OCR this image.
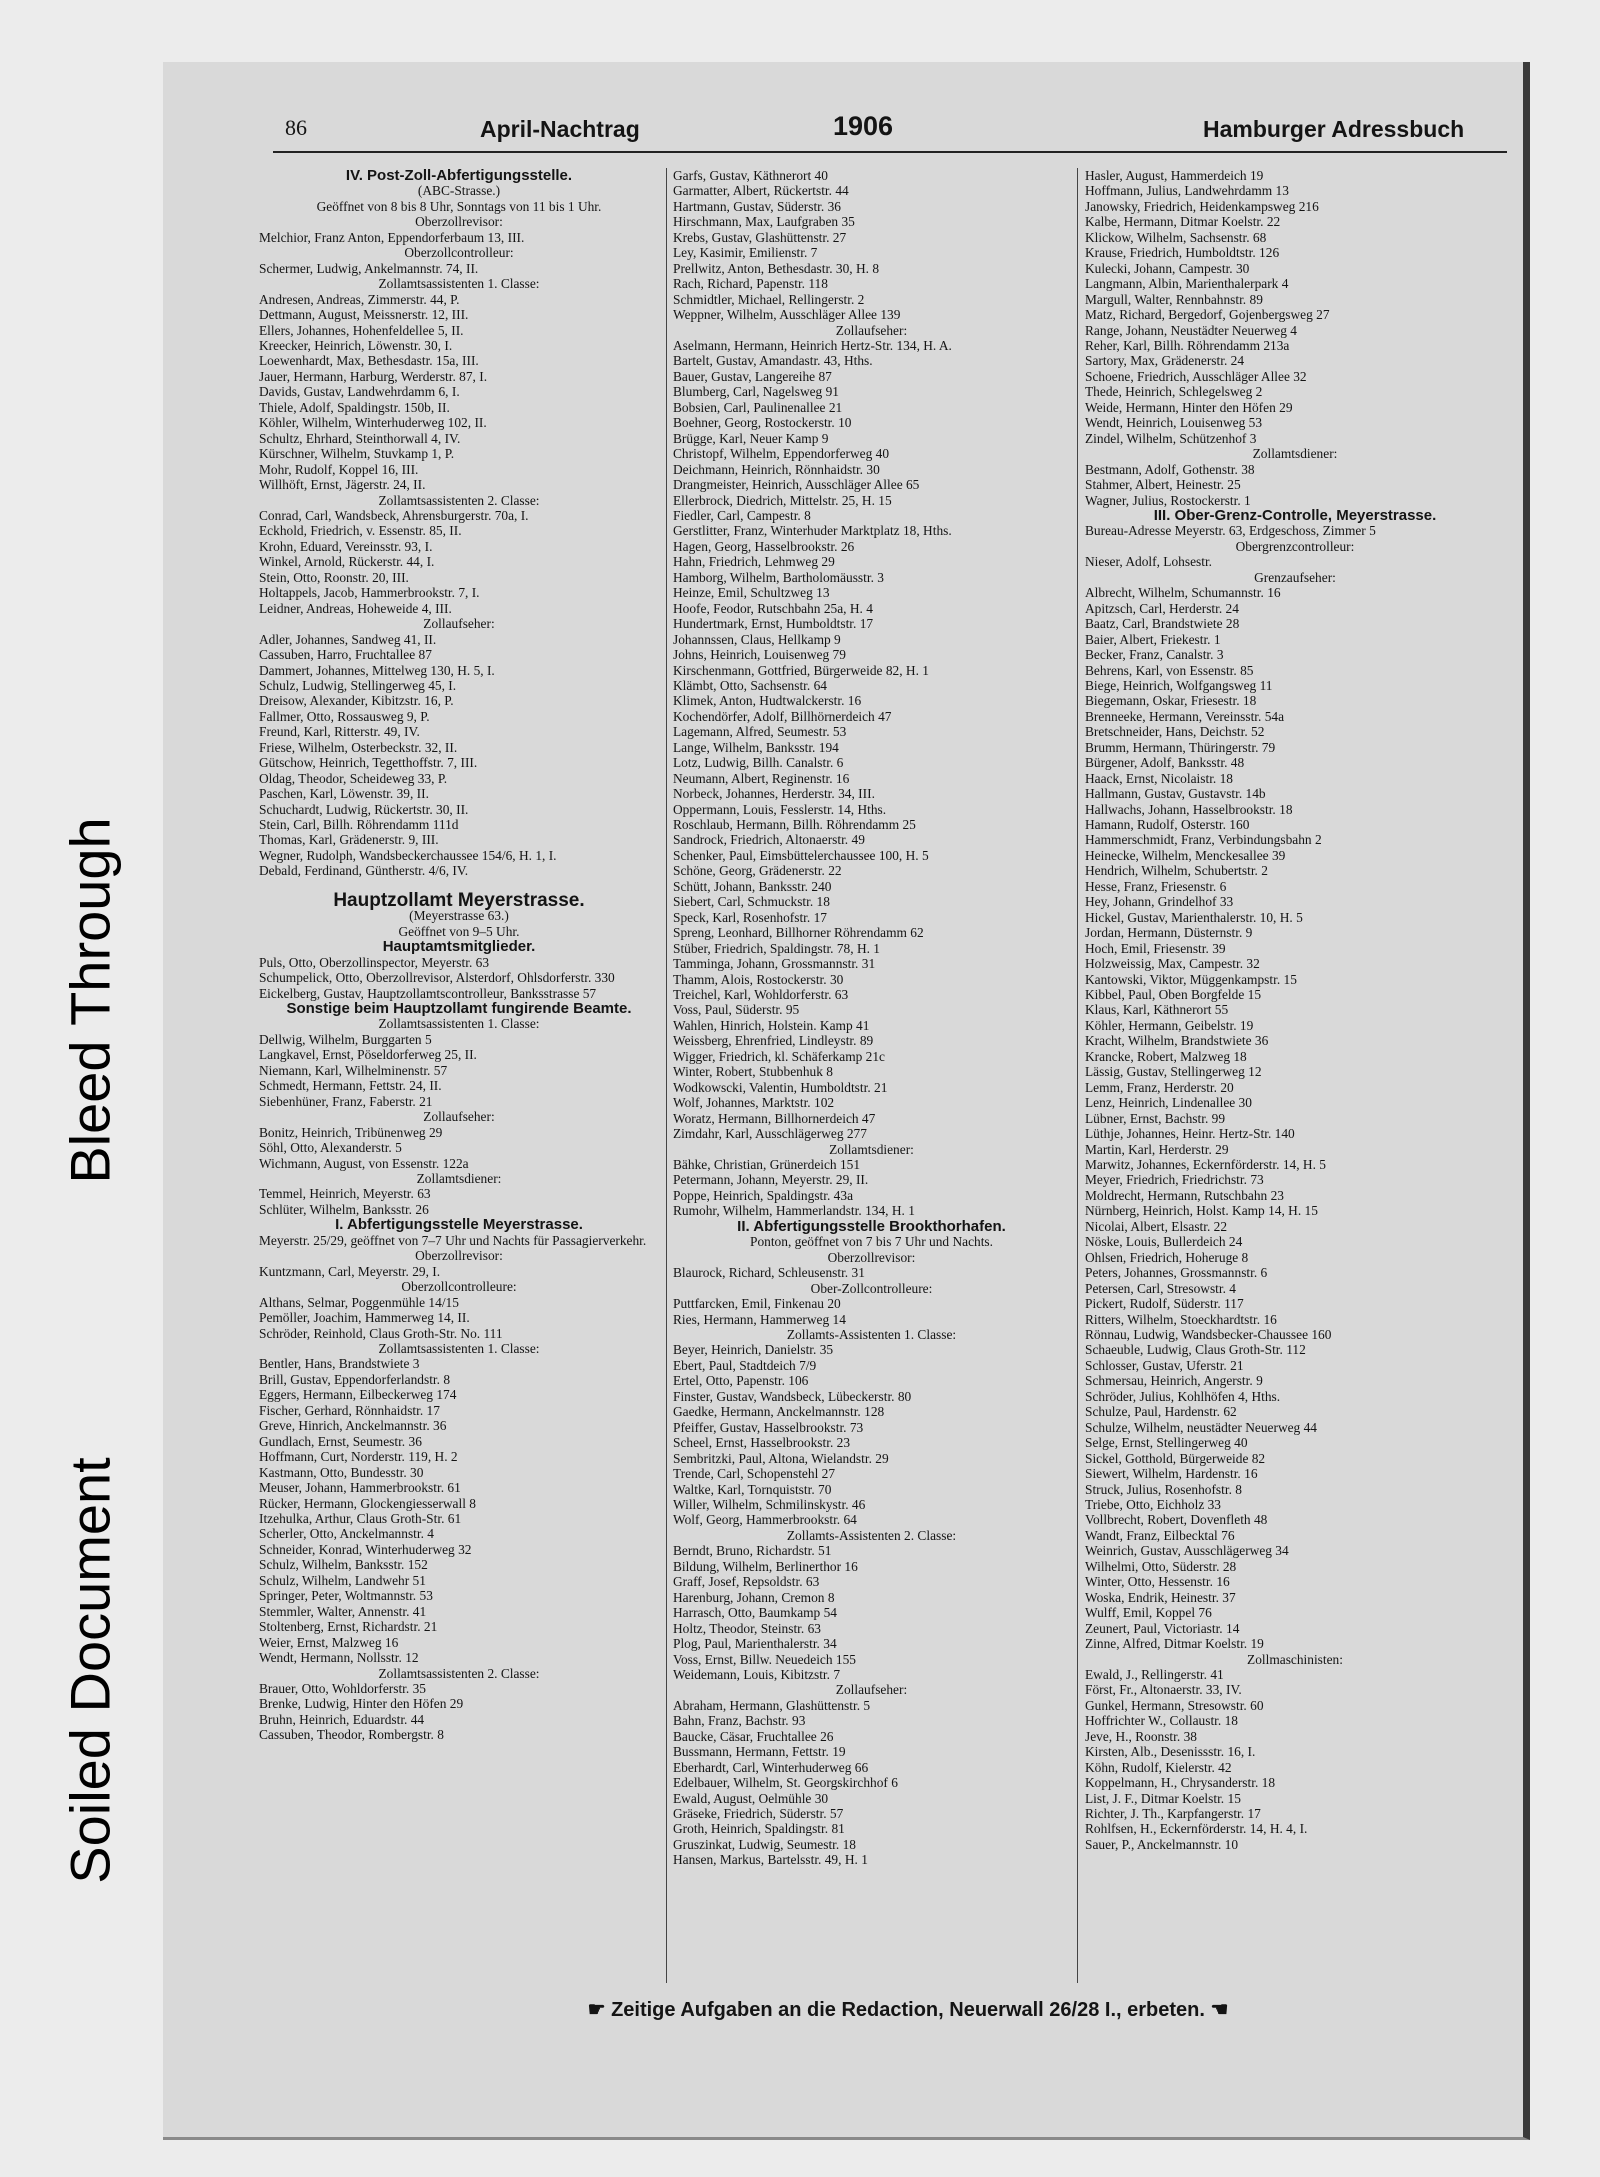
Bleed Through
Soiled Document
86	April-Nachtrag	1906	Hamburger Adressbuch
IV. Post-Zoll-Abfertigungsstelle.
(ABC-Strasse.)
Geöffnet von 8 bis 8 Uhr, Sonntags von 11 bis 1 Uhr.
Oberzollrevisor:
Melchior, Franz Anton, Eppendorferbaum 13, III.
Oberzollcontrolleur:
Schermer, Ludwig, Ankelmannstr. 74, II.
Zollamtsassistenten 1. Classe:
Andresen, Andreas, Zimmerstr. 44, P.
Dettmann, August, Meissnerstr. 12, III.
Ellers, Johannes, Hohenfeldellee 5, II.
Kreecker, Heinrich, Löwenstr. 30, I.
Loewenhardt, Max, Bethesdastr. 15a, III.
Jauer, Hermann, Harburg, Werderstr. 87, I.
Davids, Gustav, Landwehrdamm 6, I.
Thiele, Adolf, Spaldingstr. 150b, II.
Köhler, Wilhelm, Winterhuderweg 102, II.
Schultz, Ehrhard, Steinthorwall 4, IV.
Kürschner, Wilhelm, Stuvkamp 1, P.
Mohr, Rudolf, Koppel 16, III.
Willhöft, Ernst, Jägerstr. 24, II.
Zollamtsassistenten 2. Classe:
Conrad, Carl, Wandsbeck, Ahrensburgerstr. 70a, I.
Eckhold, Friedrich, v. Essenstr. 85, II.
Krohn, Eduard, Vereinsstr. 93, I.
Winkel, Arnold, Rückerstr. 44, I.
Stein, Otto, Roonstr. 20, III.
Holtappels, Jacob, Hammerbrookstr. 7, I.
Leidner, Andreas, Hoheweide 4, III.
Zollaufseher:
Adler, Johannes, Sandweg 41, II.
Cassuben, Harro, Fruchtallee 87
Dammert, Johannes, Mittelweg 130, H. 5, I.
Schulz, Ludwig, Stellingerweg 45, I.
Dreisow, Alexander, Kibitzstr. 16, P.
Fallmer, Otto, Rossausweg 9, P.
Freund, Karl, Ritterstr. 49, IV.
Friese, Wilhelm, Osterbeckstr. 32, II.
Gütschow, Heinrich, Tegetthoffstr. 7, III.
Oldag, Theodor, Scheideweg 33, P.
Paschen, Karl, Löwenstr. 39, II.
Schuchardt, Ludwig, Rückertstr. 30, II.
Stein, Carl, Billh. Röhrendamm 111d
Thomas, Karl, Grädenerstr. 9, III.
Wegner, Rudolph, Wandsbeckerchaussee 154/6, H. 1, I.
Debald, Ferdinand, Güntherstr. 4/6, IV.
Hauptzollamt Meyerstrasse.
(Meyerstrasse 63.)
Geöffnet von 9–5 Uhr.
Hauptamtsmitglieder.
Puls, Otto, Oberzollinspector, Meyerstr. 63
Schumpelick, Otto, Oberzollrevisor, Alsterdorf, Ohlsdorferstr. 330
Eickelberg, Gustav, Hauptzollamtscontrolleur, Banksstrasse 57
Sonstige beim Hauptzollamt fungirende Beamte.
Zollamtsassistenten 1. Classe:
Dellwig, Wilhelm, Burggarten 5
Langkavel, Ernst, Pöseldorferweg 25, II.
Niemann, Karl, Wilhelminenstr. 57
Schmedt, Hermann, Fettstr. 24, II.
Siebenhüner, Franz, Faberstr. 21
Zollaufseher:
Bonitz, Heinrich, Tribünenweg 29
Söhl, Otto, Alexanderstr. 5
Wichmann, August, von Essenstr. 122a
Zollamtsdiener:
Temmel, Heinrich, Meyerstr. 63
Schlüter, Wilhelm, Banksstr. 26
I. Abfertigungsstelle Meyerstrasse.
Meyerstr. 25/29, geöffnet von 7–7 Uhr und Nachts für Passagierverkehr.
Oberzollrevisor:
Kuntzmann, Carl, Meyerstr. 29, I.
Oberzollcontrolleure:
Althans, Selmar, Poggenmühle 14/15
Pemöller, Joachim, Hammerweg 14, II.
Schröder, Reinhold, Claus Groth-Str. No. 111
Zollamtsassistenten 1. Classe:
Bentler, Hans, Brandstwiete 3
Brill, Gustav, Eppendorferlandstr. 8
Eggers, Hermann, Eilbeckerweg 174
Fischer, Gerhard, Rönnhaidstr. 17
Greve, Hinrich, Anckelmannstr. 36
Gundlach, Ernst, Seumestr. 36
Hoffmann, Curt, Norderstr. 119, H. 2
Kastmann, Otto, Bundesstr. 30
Meuser, Johann, Hammerbrookstr. 61
Rücker, Hermann, Glockengiesserwall 8
Itzehulka, Arthur, Claus Groth-Str. 61
Scherler, Otto, Anckelmannstr. 4
Schneider, Konrad, Winterhuderweg 32
Schulz, Wilhelm, Banksstr. 152
Schulz, Wilhelm, Landwehr 51
Springer, Peter, Woltmannstr. 53
Stemmler, Walter, Annenstr. 41
Stoltenberg, Ernst, Richardstr. 21
Weier, Ernst, Malzweg 16
Wendt, Hermann, Nollsstr. 12
Zollamtsassistenten 2. Classe:
Brauer, Otto, Wohldorferstr. 35
Brenke, Ludwig, Hinter den Höfen 29
Bruhn, Heinrich, Eduardstr. 44
Cassuben, Theodor, Rombergstr. 8
Garfs, Gustav, Käthnerort 40
Garmatter, Albert, Rückertstr. 44
Hartmann, Gustav, Süderstr. 36
Hirschmann, Max, Laufgraben 35
Krebs, Gustav, Glashüttenstr. 27
Ley, Kasimir, Emilienstr. 7
Prellwitz, Anton, Bethesdastr. 30, H. 8
Rach, Richard, Papenstr. 118
Schmidtler, Michael, Rellingerstr. 2
Weppner, Wilhelm, Ausschläger Allee 139
Zollaufseher:
Aselmann, Hermann, Heinrich Hertz-Str. 134, H. A.
Bartelt, Gustav, Amandastr. 43, Hths.
Bauer, Gustav, Langereihe 87
Blumberg, Carl, Nagelsweg 91
Bobsien, Carl, Paulinenallee 21
Boehner, Georg, Rostockerstr. 10
Brügge, Karl, Neuer Kamp 9
Christopf, Wilhelm, Eppendorferweg 40
Deichmann, Heinrich, Rönnhaidstr. 30
Drangmeister, Heinrich, Ausschläger Allee 65
Ellerbrock, Diedrich, Mittelstr. 25, H. 15
Fiedler, Carl, Campestr. 8
Gerstlitter, Franz, Winterhuder Marktplatz 18, Hths.
Hagen, Georg, Hasselbrookstr. 26
Hahn, Friedrich, Lehmweg 29
Hamborg, Wilhelm, Bartholomäusstr. 3
Heinze, Emil, Schultzweg 13
Hoofe, Feodor, Rutschbahn 25a, H. 4
Hundertmark, Ernst, Humboldtstr. 17
Johannssen, Claus, Hellkamp 9
Johns, Heinrich, Louisenweg 79
Kirschenmann, Gottfried, Bürgerweide 82, H. 1
Klämbt, Otto, Sachsenstr. 64
Klimek, Anton, Hudtwalckerstr. 16
Kochendörfer, Adolf, Billhörnerdeich 47
Lagemann, Alfred, Seumestr. 53
Lange, Wilhelm, Banksstr. 194
Lotz, Ludwig, Billh. Canalstr. 6
Neumann, Albert, Reginenstr. 16
Norbeck, Johannes, Herderstr. 34, III.
Oppermann, Louis, Fesslerstr. 14, Hths.
Roschlaub, Hermann, Billh. Röhrendamm 25
Sandrock, Friedrich, Altonaerstr. 49
Schenker, Paul, Eimsbüttelerchaussee 100, H. 5
Schöne, Georg, Grädenerstr. 22
Schütt, Johann, Banksstr. 240
Siebert, Carl, Schmuckstr. 18
Speck, Karl, Rosenhofstr. 17
Spreng, Leonhard, Billhorner Röhrendamm 62
Stüber, Friedrich, Spaldingstr. 78, H. 1
Tamminga, Johann, Grossmannstr. 31
Thamm, Alois, Rostockerstr. 30
Treichel, Karl, Wohldorferstr. 63
Voss, Paul, Süderstr. 95
Wahlen, Hinrich, Holstein. Kamp 41
Weissberg, Ehrenfried, Lindleystr. 89
Wigger, Friedrich, kl. Schäferkamp 21c
Winter, Robert, Stubbenhuk 8
Wodkowscki, Valentin, Humboldtstr. 21
Wolf, Johannes, Marktstr. 102
Woratz, Hermann, Billhornerdeich 47
Zimdahr, Karl, Ausschlägerweg 277
Zollamtsdiener:
Bähke, Christian, Grünerdeich 151
Petermann, Johann, Meyerstr. 29, II.
Poppe, Heinrich, Spaldingstr. 43a
Rumohr, Wilhelm, Hammerlandstr. 134, H. 1
II. Abfertigungsstelle Brookthorhafen.
Ponton, geöffnet von 7 bis 7 Uhr und Nachts.
Oberzollrevisor:
Blaurock, Richard, Schleusenstr. 31
Ober-Zollcontrolleure:
Puttfarcken, Emil, Finkenau 20
Ries, Hermann, Hammerweg 14
Zollamts-Assistenten 1. Classe:
Beyer, Heinrich, Danielstr. 35
Ebert, Paul, Stadtdeich 7/9
Ertel, Otto, Papenstr. 106
Finster, Gustav, Wandsbeck, Lübeckerstr. 80
Gaedke, Hermann, Anckelmannstr. 128
Pfeiffer, Gustav, Hasselbrookstr. 73
Scheel, Ernst, Hasselbrookstr. 23
Sembritzki, Paul, Altona, Wielandstr. 29
Trende, Carl, Schopenstehl 27
Waltke, Karl, Tornquiststr. 70
Willer, Wilhelm, Schmilinskystr. 46
Wolf, Georg, Hammerbrookstr. 64
Zollamts-Assistenten 2. Classe:
Berndt, Bruno, Richardstr. 51
Bildung, Wilhelm, Berlinerthor 16
Graff, Josef, Repsoldstr. 63
Harenburg, Johann, Cremon 8
Harrasch, Otto, Baumkamp 54
Holtz, Theodor, Steinstr. 63
Plog, Paul, Marienthalerstr. 34
Voss, Ernst, Billw. Neuedeich 155
Weidemann, Louis, Kibitzstr. 7
Zollaufseher:
Abraham, Hermann, Glashüttenstr. 5
Bahn, Franz, Bachstr. 93
Baucke, Cäsar, Fruchtallee 26
Bussmann, Hermann, Fettstr. 19
Eberhardt, Carl, Winterhuderweg 66
Edelbauer, Wilhelm, St. Georgskirchhof 6
Ewald, August, Oelmühle 30
Gräseke, Friedrich, Süderstr. 57
Groth, Heinrich, Spaldingstr. 81
Gruszinkat, Ludwig, Seumestr. 18
Hansen, Markus, Bartelsstr. 49, H. 1
Hasler, August, Hammerdeich 19
Hoffmann, Julius, Landwehrdamm 13
Janowsky, Friedrich, Heidenkampsweg 216
Kalbe, Hermann, Ditmar Koelstr. 22
Klickow, Wilhelm, Sachsenstr. 68
Krause, Friedrich, Humboldtstr. 126
Kulecki, Johann, Campestr. 30
Langmann, Albin, Marienthalerpark 4
Margull, Walter, Rennbahnstr. 89
Matz, Richard, Bergedorf, Gojenbergsweg 27
Range, Johann, Neustädter Neuerweg 4
Reher, Karl, Billh. Röhrendamm 213a
Sartory, Max, Grädenerstr. 24
Schoene, Friedrich, Ausschläger Allee 32
Thede, Heinrich, Schlegelsweg 2
Weide, Hermann, Hinter den Höfen 29
Wendt, Heinrich, Louisenweg 53
Zindel, Wilhelm, Schützenhof 3
Zollamtsdiener:
Bestmann, Adolf, Gothenstr. 38
Stahmer, Albert, Heinestr. 25
Wagner, Julius, Rostockerstr. 1
III. Ober-Grenz-Controlle, Meyerstrasse.
Bureau-Adresse Meyerstr. 63, Erdgeschoss, Zimmer 5
Obergrenzcontrolleur:
Nieser, Adolf, Lohsestr.
Grenzaufseher:
Albrecht, Wilhelm, Schumannstr. 16
Apitzsch, Carl, Herderstr. 24
Baatz, Carl, Brandstwiete 28
Baier, Albert, Friekestr. 1
Becker, Franz, Canalstr. 3
Behrens, Karl, von Essenstr. 85
Biege, Heinrich, Wolfgangsweg 11
Biegemann, Oskar, Friesestr. 18
Brenneeke, Hermann, Vereinsstr. 54a
Bretschneider, Hans, Deichstr. 52
Brumm, Hermann, Thüringerstr. 79
Bürgener, Adolf, Banksstr. 48
Haack, Ernst, Nicolaistr. 18
Hallmann, Gustav, Gustavstr. 14b
Hallwachs, Johann, Hasselbrookstr. 18
Hamann, Rudolf, Osterstr. 160
Hammerschmidt, Franz, Verbindungsbahn 2
Heinecke, Wilhelm, Menckesallee 39
Hendrich, Wilhelm, Schubertstr. 2
Hesse, Franz, Friesenstr. 6
Hey, Johann, Grindelhof 33
Hickel, Gustav, Marienthalerstr. 10, H. 5
Jordan, Hermann, Düsternstr. 9
Hoch, Emil, Friesenstr. 39
Holzweissig, Max, Campestr. 32
Kantowski, Viktor, Müggenkampstr. 15
Kibbel, Paul, Oben Borgfelde 15
Klaus, Karl, Käthnerort 55
Köhler, Hermann, Geibelstr. 19
Kracht, Wilhelm, Brandstwiete 36
Krancke, Robert, Malzweg 18
Lässig, Gustav, Stellingerweg 12
Lemm, Franz, Herderstr. 20
Lenz, Heinrich, Lindenallee 30
Lübner, Ernst, Bachstr. 99
Lüthje, Johannes, Heinr. Hertz-Str. 140
Martin, Karl, Herderstr. 29
Marwitz, Johannes, Eckernförderstr. 14, H. 5
Meyer, Friedrich, Friedrichstr. 73
Moldrecht, Hermann, Rutschbahn 23
Nürnberg, Heinrich, Holst. Kamp 14, H. 15
Nicolai, Albert, Elsastr. 22
Nöske, Louis, Bullerdeich 24
Ohlsen, Friedrich, Hoheruge 8
Peters, Johannes, Grossmannstr. 6
Petersen, Carl, Stresowstr. 4
Pickert, Rudolf, Süderstr. 117
Ritters, Wilhelm, Stoeckhardtstr. 16
Rönnau, Ludwig, Wandsbecker-Chaussee 160
Schaeuble, Ludwig, Claus Groth-Str. 112
Schlosser, Gustav, Uferstr. 21
Schmersau, Heinrich, Angerstr. 9
Schröder, Julius, Kohlhöfen 4, Hths.
Schulze, Paul, Hardenstr. 62
Schulze, Wilhelm, neustädter Neuerweg 44
Selge, Ernst, Stellingerweg 40
Sickel, Gotthold, Bürgerweide 82
Siewert, Wilhelm, Hardenstr. 16
Struck, Julius, Rosenhofstr. 8
Triebe, Otto, Eichholz 33
Vollbrecht, Robert, Dovenfleth 48
Wandt, Franz, Eilbecktal 76
Weinrich, Gustav, Ausschlägerweg 34
Wilhelmi, Otto, Süderstr. 28
Winter, Otto, Hessenstr. 16
Woska, Endrik, Heinestr. 37
Wulff, Emil, Koppel 76
Zeunert, Paul, Victoriastr. 14
Zinne, Alfred, Ditmar Koelstr. 19
Zollmaschinisten:
Ewald, J., Rellingerstr. 41
Först, Fr., Altonaerstr. 33, IV.
Gunkel, Hermann, Stresowstr. 60
Hoffrichter W., Collaustr. 18
Jeve, H., Roonstr. 38
Kirsten, Alb., Desenissstr. 16, I.
Köhn, Rudolf, Kielerstr. 42
Koppelmann, H., Chrysanderstr. 18
List, J. F., Ditmar Koelstr. 15
Richter, J. Th., Karpfangerstr. 17
Rohlfsen, H., Eckernförderstr. 14, H. 4, I.
Sauer, P., Anckelmannstr. 10
☛ Zeitige Aufgaben an die Redaction, Neuerwall 26/28 I., erbeten. ☚
